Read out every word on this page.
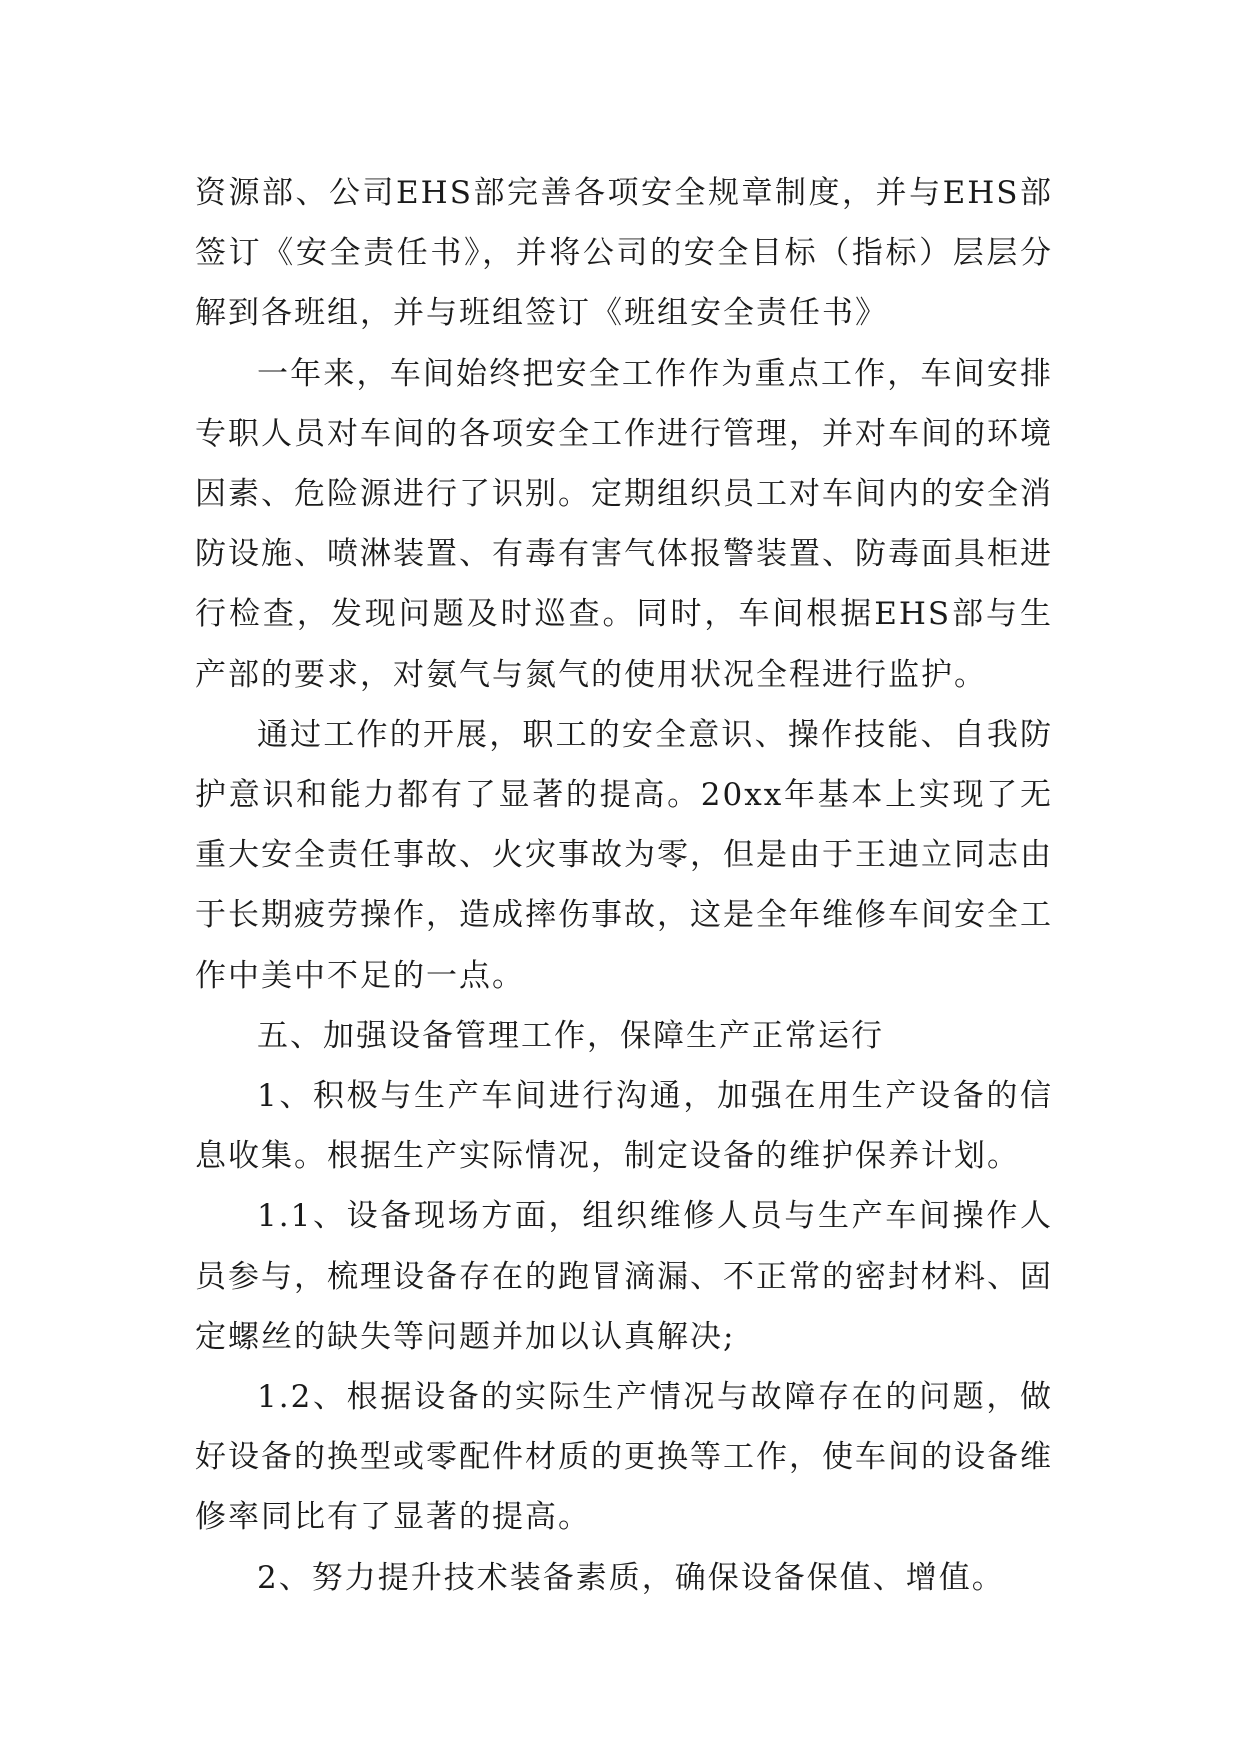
资源部、公司EHS部完善各项安全规章制度，并与EHS部签订《安全责任书》，并将公司的安全目标（指标）层层分解到各班组，并与班组签订《班组安全责任书》

一年来，车间始终把安全工作作为重点工作，车间安排专职人员对车间的各项安全工作进行管理，并对车间的环境因素、危险源进行了识别。定期组织员工对车间内的安全消防设施、喷淋装置、有毒有害气体报警装置、防毒面具柜进行检查，发现问题及时巡查。同时，车间根据EHS部与生产部的要求，对氨气与氮气的使用状况全程进行监护。

通过工作的开展，职工的安全意识、操作技能、自我防护意识和能力都有了显著的提高。20xx年基本上实现了无重大安全责任事故、火灾事故为零，但是由于王迪立同志由于长期疲劳操作，造成摔伤事故，这是全年维修车间安全工作中美中不足的一点。

五、加强设备管理工作，保障生产正常运行

1、积极与生产车间进行沟通，加强在用生产设备的信息收集。根据生产实际情况，制定设备的维护保养计划。

1.1、设备现场方面，组织维修人员与生产车间操作人员参与，梳理设备存在的跑冒滴漏、不正常的密封材料、固定螺丝的缺失等问题并加以认真解决;

1.2、根据设备的实际生产情况与故障存在的问题，做好设备的换型或零配件材质的更换等工作，使车间的设备维修率同比有了显著的提高。

2、努力提升技术装备素质，确保设备保值、增值。
